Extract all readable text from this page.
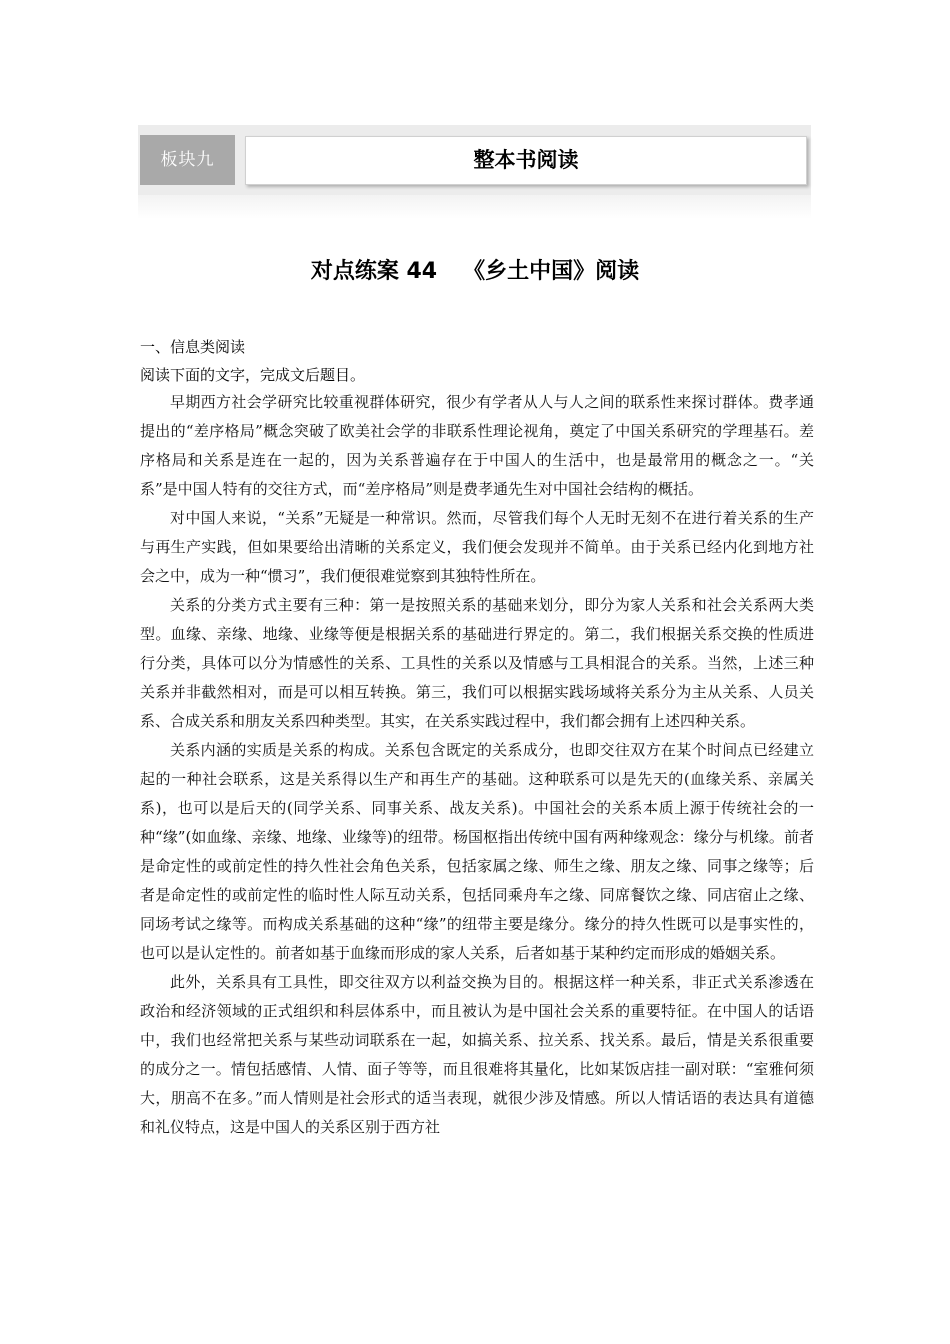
板块九	整本书阅读
对点练案 44 《乡土中国》阅读
一、信息类阅读
阅读下面的文字，完成文后题目。

早期西方社会学研究比较重视群体研究，很少有学者从人与人之间的联系性来探讨群体。费孝通提出的“差序格局”概念突破了欧美社会学的非联系性理论视角，奠定了中国关系研究的学理基石。差序格局和关系是连在一起的，因为关系普遍存在于中国人的生活中，也是最常用的概念之一。“关系”是中国人特有的交往方式，而“差序格局”则是费孝通先生对中国社会结构的概括。

对中国人来说，“关系”无疑是一种常识。然而，尽管我们每个人无时无刻不在进行着关系的生产与再生产实践，但如果要给出清晰的关系定义，我们便会发现并不简单。由于关系已经内化到地方社会之中，成为一种“惯习”，我们便很难觉察到其独特性所在。

关系的分类方式主要有三种：第一是按照关系的基础来划分，即分为家人关系和社会关系两大类型。血缘、亲缘、地缘、业缘等便是根据关系的基础进行界定的。第二，我们根据关系交换的性质进行分类，具体可以分为情感性的关系、工具性的关系以及情感与工具相混合的关系。当然，上述三种关系并非截然相对，而是可以相互转换。第三，我们可以根据实践场域将关系分为主从关系、人员关系、合成关系和朋友关系四种类型。其实，在关系实践过程中，我们都会拥有上述四种关系。

关系内涵的实质是关系的构成。关系包含既定的关系成分，也即交往双方在某个时间点已经建立起的一种社会联系，这是关系得以生产和再生产的基础。这种联系可以是先天的(血缘关系、亲属关系)，也可以是后天的(同学关系、同事关系、战友关系)。中国社会的关系本质上源于传统社会的一种“缘”(如血缘、亲缘、地缘、业缘等)的纽带。杨国枢指出传统中国有两种缘观念：缘分与机缘。前者是命定性的或前定性的持久性社会角色关系，包括家属之缘、师生之缘、朋友之缘、同事之缘等；后者是命定性的或前定性的临时性人际互动关系，包括同乘舟车之缘、同席餐饮之缘、同店宿止之缘、同场考试之缘等。而构成关系基础的这种“缘”的纽带主要是缘分。缘分的持久性既可以是事实性的，也可以是认定性的。前者如基于血缘而形成的家人关系，后者如基于某种约定而形成的婚姻关系。

此外，关系具有工具性，即交往双方以利益交换为目的。根据这样一种关系，非正式关系渗透在政治和经济领域的正式组织和科层体系中，而且被认为是中国社会关系的重要特征。在中国人的话语中，我们也经常把关系与某些动词联系在一起，如搞关系、拉关系、找关系。最后，情是关系很重要的成分之一。情包括感情、人情、面子等等，而且很难将其量化，比如某饭店挂一副对联：“室雅何须大，朋高不在多。”而人情则是社会形式的适当表现，就很少涉及情感。所以人情话语的表达具有道德和礼仪特点，这是中国人的关系区别于西方社
